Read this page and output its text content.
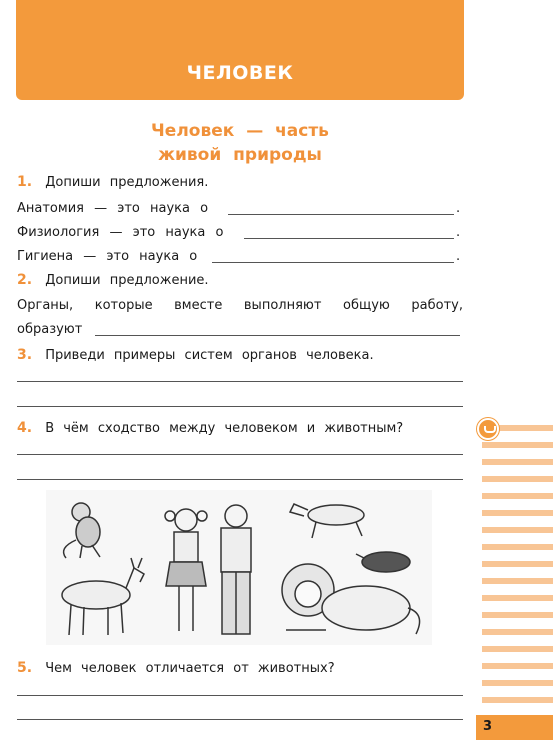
ЧЕЛОВЕК
Человек — часть
живой природы
1. Допиши предложения.
Анатомия — это наука о	.
Физиология — это наука о	.
Гигиена — это наука о	.
2. Допиши предложение.
Органы, которые вместе выполняют общую работу,
образуют
3. Приведи примеры систем органов человека.
4. В чём сходство между человеком и животным?
5. Чем человек отличается от животных?
3
